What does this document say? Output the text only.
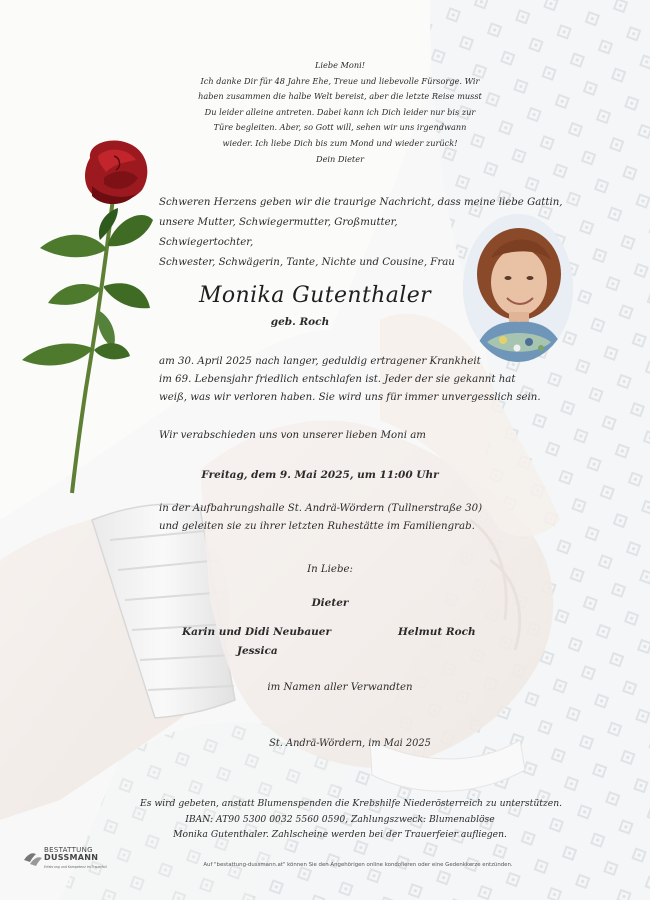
Liebe Moni!
Ich danke Dir für 48 Jahre Ehe, Treue und liebevolle Fürsorge. Wir
haben zusammen die halbe Welt bereist, aber die letzte Reise musst
Du leider alleine antreten. Dabei kann ich Dich leider nur bis zur
Türe begleiten. Aber, so Gott will, sehen wir uns irgendwann
wieder. Ich liebe Dich bis zum Mond und wieder zurück!
Dein Dieter
Schweren Herzens geben wir die traurige Nachricht, dass meine liebe Gattin,
unsere Mutter, Schwiegermutter, Großmutter, Schwiegertochter,
Schwester, Schwägerin, Tante, Nichte und Cousine, Frau
Monika Gutenthaler
geb. Roch
am 30. April 2025 nach langer, geduldig ertragener Krankheit
im 69. Lebensjahr friedlich entschlafen ist. Jeder der sie gekannt hat
weiß, was wir verloren haben. Sie wird uns für immer unvergesslich sein.
Wir verabschieden uns von unserer lieben Moni am
Freitag, dem 9. Mai 2025, um 11:00 Uhr
in der Aufbahrungshalle St. Andrä-Wördern (Tullnerstraße 30)
und geleiten sie zu ihrer letzten Ruhestätte im Familiengrab.
In Liebe:
Dieter
Karin und Didi Neubauer
Jessica
Helmut Roch
im Namen aller Verwandten
St. Andrä-Wördern, im Mai 2025
Es wird gebeten, anstatt Blumenspenden die Krebshilfe Niederösterreich zu unterstützen.
IBAN: AT90 5300 0032 5560 0590, Zahlungszweck: Blumenablöse
Monika Gutenthaler. Zahlscheine werden bei der Trauerfeier aufliegen.
Auf "bestattung-dussmann.at" können Sie den Angehörigen online kondolieren oder eine Gedenkkerze entzünden.
BESTATTUNG
DUSSMANN
Erfahrung und Kompetenz im Trauerfall
